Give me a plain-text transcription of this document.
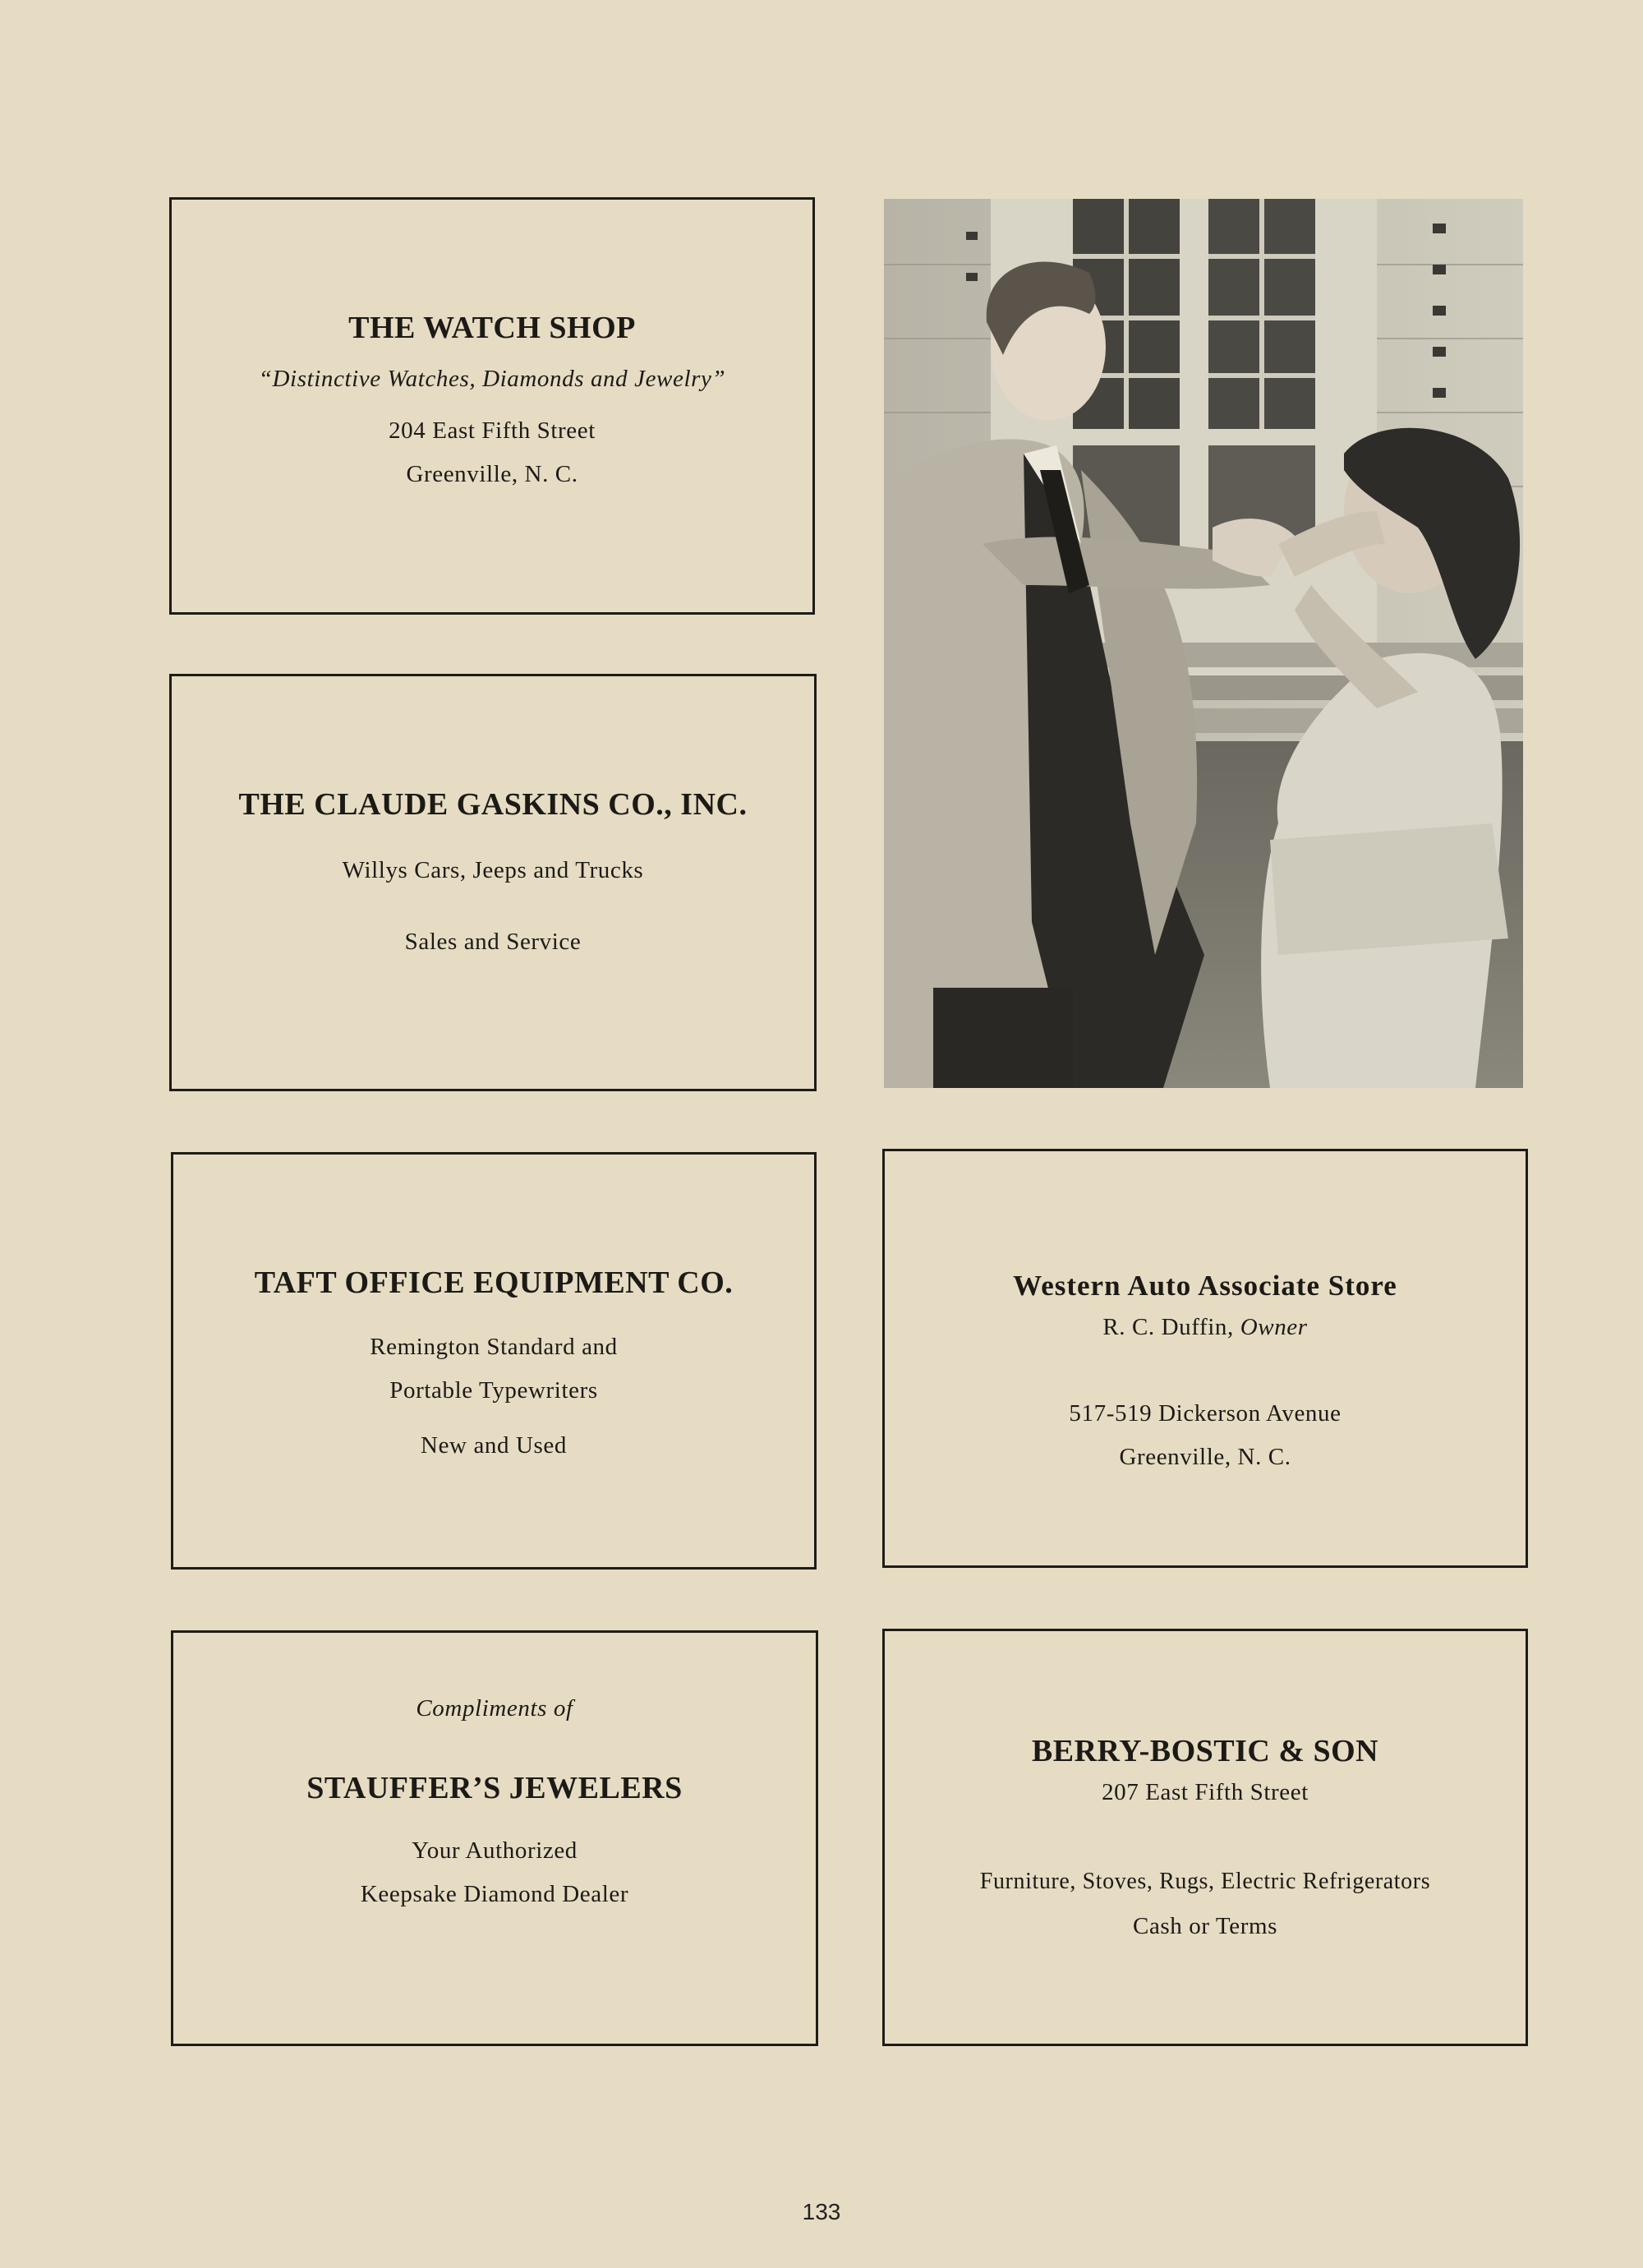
THE WATCH SHOP

“Distinctive Watches, Diamonds and Jewelry”

204 East Fifth Street

Greenville, N. C.

THE CLAUDE GASKINS CO., INC.

Willys Cars, Jeeps and Trucks

Sales and Service

TAFT OFFICE EQUIPMENT CO.

Remington Standard and

Portable Typewriters

New and Used

Western Auto Associate Store

R. C. Duffin, Owner

517-519 Dickerson Avenue

Greenville, N. C.

Compliments of

STAUFFER’S JEWELERS

Your Authorized

Keepsake Diamond Dealer

BERRY-BOSTIC & SON

207 East Fifth Street

Furniture, Stoves, Rugs, Electric Refrigerators

Cash or Terms

133
